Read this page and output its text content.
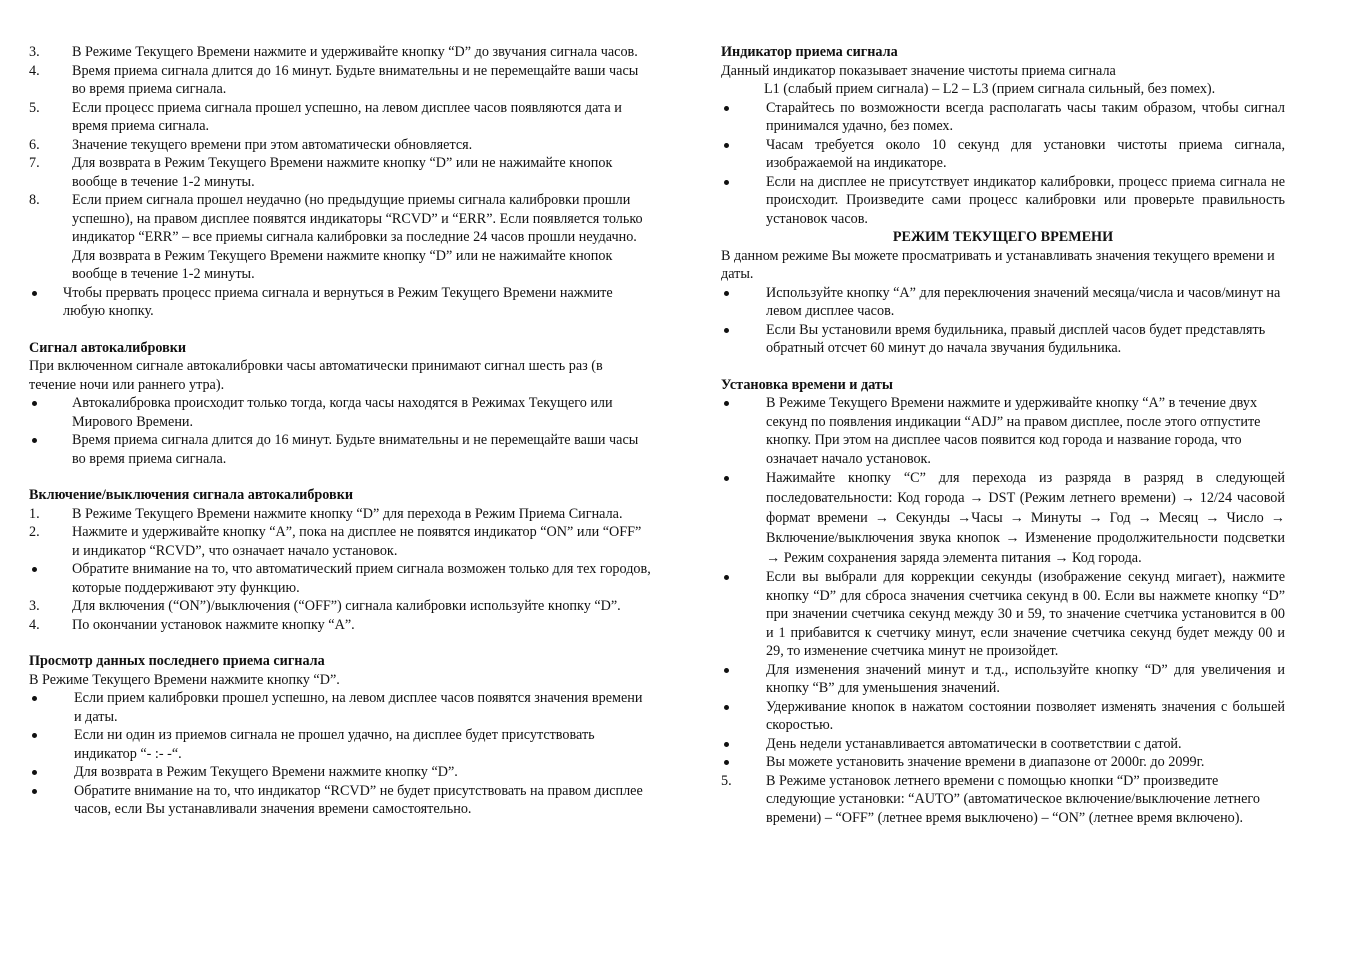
3.	В Режиме Текущего Времени нажмите и удерживайте кнопку “D” до звучания сигнала часов.
4.	Время приема сигнала длится до 16 минут. Будьте внимательны и не перемещайте ваши часы во время приема сигнала.
5.	Если процесс приема сигнала прошел успешно, на левом дисплее часов появляются дата и время приема сигнала.
6.	Значение текущего времени при этом автоматически обновляется.
7.	Для возврата в Режим Текущего Времени нажмите кнопку “D” или не нажимайте кнопок вообще в течение 1-2 минуты.
8.	Если прием сигнала прошел неудачно (но предыдущие приемы сигнала калибровки прошли успешно), на правом дисплее появятся индикаторы “RCVD” и “ERR”. Если появляется только индикатор “ERR” – все приемы сигнала калибровки за последние 24 часов прошли неудачно. Для возврата в Режим Текущего Времени нажмите кнопку “D” или не нажимайте кнопок вообще в течение 1-2 минуты.
Чтобы прервать процесс приема сигнала и вернуться в Режим Текущего Времени нажмите любую кнопку.
Сигнал автокалибровки
При включенном сигнале автокалибровки часы автоматически принимают сигнал шесть раз (в течение ночи или раннего утра).
Автокалибровка происходит только тогда, когда часы находятся в Режимах Текущего или Мирового Времени.
Время приема сигнала длится до 16 минут. Будьте внимательны и не перемещайте ваши часы во время приема сигнала.
Включение/выключения сигнала автокалибровки
1.	В Режиме Текущего Времени нажмите кнопку “D” для перехода в Режим Приема Сигнала.
2.	Нажмите и удерживайте кнопку “A”, пока на дисплее не появятся индикатор “ON” или “OFF” и индикатор “RCVD”, что означает начало установок.
Обратите внимание на то, что автоматический прием сигнала возможен только для тех городов, которые поддерживают эту функцию.
3.	Для включения (“ON”)/выключения (“OFF”) сигнала калибровки используйте кнопку “D”.
4.	По окончании установок нажмите кнопку “A”.
Просмотр данных последнего приема сигнала
В Режиме Текущего Времени нажмите кнопку “D”.
Если прием калибровки прошел успешно, на левом дисплее часов появятся значения времени и даты.
Если ни один из приемов сигнала не прошел удачно, на дисплее будет присутствовать индикатор “- :- -“.
Для возврата в Режим Текущего Времени нажмите кнопку “D”.
Обратите внимание на то, что индикатор “RCVD” не будет присутствовать на правом дисплее часов, если Вы устанавливали значения времени самостоятельно.
Индикатор приема сигнала
Данный индикатор показывает значение чистоты приема сигнала
L1 (слабый прием сигнала) – L2 – L3 (прием сигнала сильный, без помех).
Старайтесь по возможности всегда располагать часы таким образом, чтобы сигнал принимался удачно, без помех.
Часам требуется около 10 секунд для установки чистоты приема сигнала, изображаемой на индикаторе.
Если на дисплее не присутствует индикатор калибровки, процесс приема сигнала не происходит. Произведите сами процесс калибровки или проверьте правильность установок часов.
РЕЖИМ ТЕКУЩЕГО ВРЕМЕНИ
В данном режиме Вы можете просматривать и устанавливать значения текущего времени и даты.
Используйте кнопку “A” для переключения значений месяца/числа и часов/минут на левом дисплее часов.
Если Вы установили время будильника, правый дисплей часов будет представлять обратный отсчет 60 минут до начала звучания будильника.
Установка времени и даты
В Режиме Текущего Времени нажмите и удерживайте кнопку “A” в течение двух секунд по появления индикации “ADJ” на правом дисплее, после этого отпустите кнопку. При этом на дисплее часов появится код города и название города, что означает начало установок.
Нажимайте кнопку “C” для перехода из разряда в разряд в следующей последовательности: Код города → DST (Режим летнего времени) → 12/24 часовой формат времени → Секунды →Часы → Минуты → Год → Месяц → Число → Включение/выключения звука кнопок → Изменение продолжительности подсветки → Режим сохранения заряда элемента питания → Код города.
Если вы выбрали для коррекции секунды (изображение секунд мигает), нажмите кнопку “D” для сброса значения счетчика секунд в 00. Если вы нажмете кнопку “D” при значении счетчика секунд между 30 и 59, то значение счетчика установится в 00 и 1 прибавится к счетчику минут, если значение счетчика секунд будет между 00 и 29, то изменение счетчика минут не произойдет.
Для изменения значений минут и т.д., используйте кнопку “D” для увеличения и кнопку “B” для уменьшения значений.
Удерживание кнопок в нажатом состоянии позволяет изменять значения с большей скоростью.
День недели устанавливается автоматически в соответствии с датой.
Вы можете установить значение времени в диапазоне от 2000г. до 2099г.
5.	В Режиме установок летнего времени с помощью кнопки “D” произведите следующие установки: “AUTO” (автоматическое включение/выключение летнего времени) – “OFF” (летнее время выключено) – “ON” (летнее время включено).
